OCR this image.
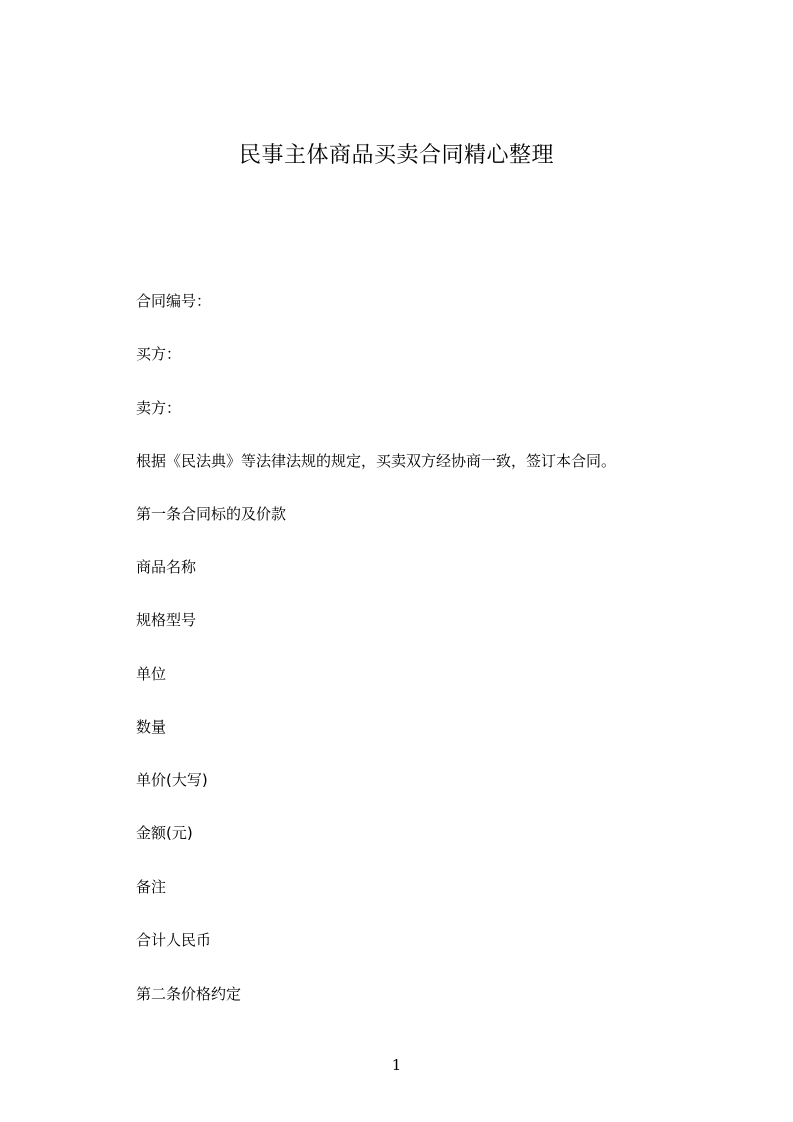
民事主体商品买卖合同精心整理
合同编号：
买方：
卖方：
根据《民法典》等法律法规的规定，买卖双方经协商一致，签订本合同。
第一条合同标的及价款
商品名称
规格型号
单位
数量
单价(大写)
金额(元)
备注
合计人民币
第二条价格约定
1
